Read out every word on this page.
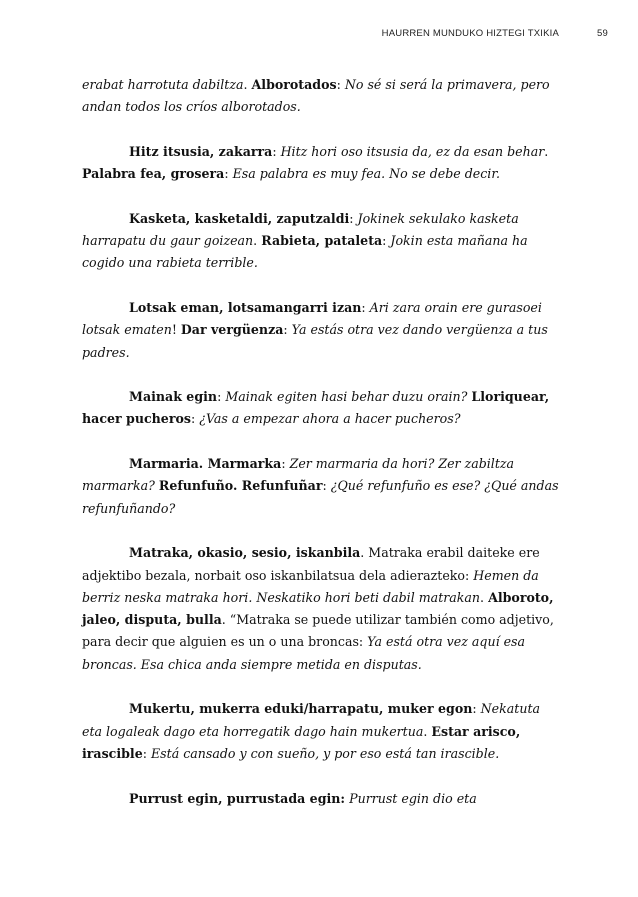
HAURREN MUNDUKO HIZTEGI TXIKIA	59

erabat harrotuta dabiltza. Alborotados: No sé si será la primavera, pero andan todos los críos alborotados.

Hitz itsusia, zakarra: Hitz hori oso itsusia da, ez da esan behar. Palabra fea, grosera: Esa palabra es muy fea. No se debe decir.

Kasketa, kasketaldi, zaputzaldi: Jokinek sekulako kasketa harrapatu du gaur goizean. Rabieta, pataleta: Jokin esta mañana ha cogido una rabieta terrible.

Lotsak eman, lotsamangarri izan: Ari zara orain ere gurasoei lotsak ematen! Dar vergüenza: Ya estás otra vez dando vergüenza a tus padres.

Mainak egin: Mainak egiten hasi behar duzu orain? Lloriquear, hacer pucheros: ¿Vas a empezar ahora a hacer pucheros?

Marmaria. Marmarka: Zer marmaria da hori? Zer zabiltza marmarka? Refunfuño. Refunfuñar: ¿Qué refunfuño es ese? ¿Qué andas refunfuñando?

Matraka, okasio, sesio, iskanbila. Matraka erabil daiteke ere adjektibo bezala, norbait oso iskanbilatsua dela adierazteko: Hemen da berriz neska matraka hori. Neskatiko hori beti dabil matrakan. Alboroto, jaleo, disputa, bulla. “Matraka se puede utilizar también como adjetivo, para decir que alguien es un o una broncas: Ya está otra vez aquí esa broncas. Esa chica anda siempre metida en disputas.

Mukertu, mukerra eduki/harrapatu, muker egon: Nekatuta eta logaleak dago eta horregatik dago hain mukertua. Estar arisco, irascible: Está cansado y con sueño, y por eso está tan irascible.

Purrust egin, purrustada egin: Purrust egin dio eta
